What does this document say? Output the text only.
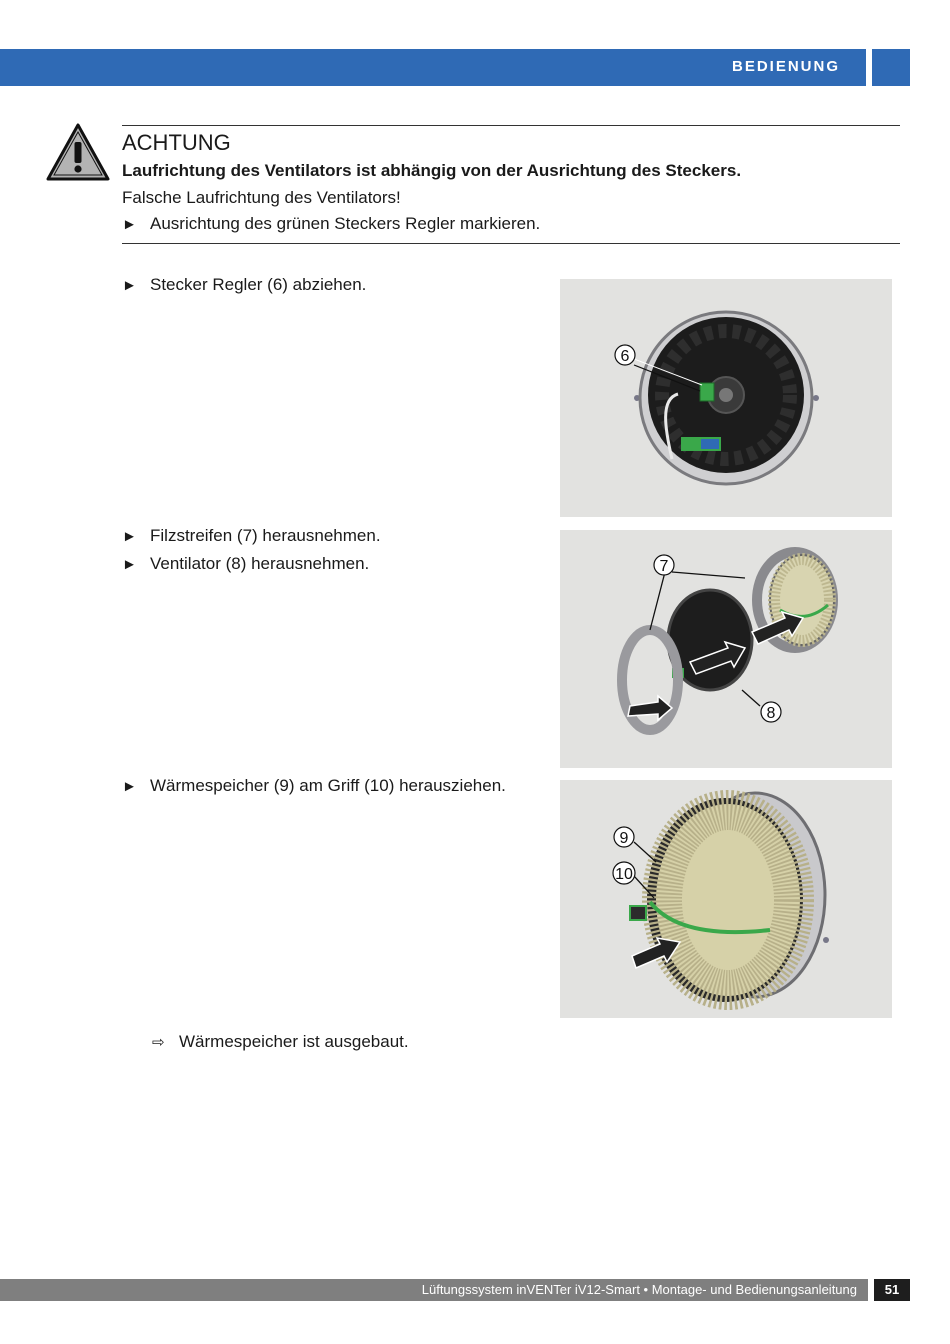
BEDIENUNG
ACHTUNG
Laufrichtung des Ventilators ist abhängig von der Ausrichtung des Steckers.
Falsche Laufrichtung des Ventilators!
► Ausrichtung des grünen Steckers Regler markieren.
► Stecker Regler (6) abziehen.
► Filzstreifen (7) herausnehmen.
► Ventilator (8) herausnehmen.
► Wärmespeicher (9) am Griff (10) herausziehen.
6
7
8
9
10
⇨ Wärmespeicher ist ausgebaut.
Lüftungssystem inVENTer iV12-Smart • Montage- und Bedienungsanleitung	51
